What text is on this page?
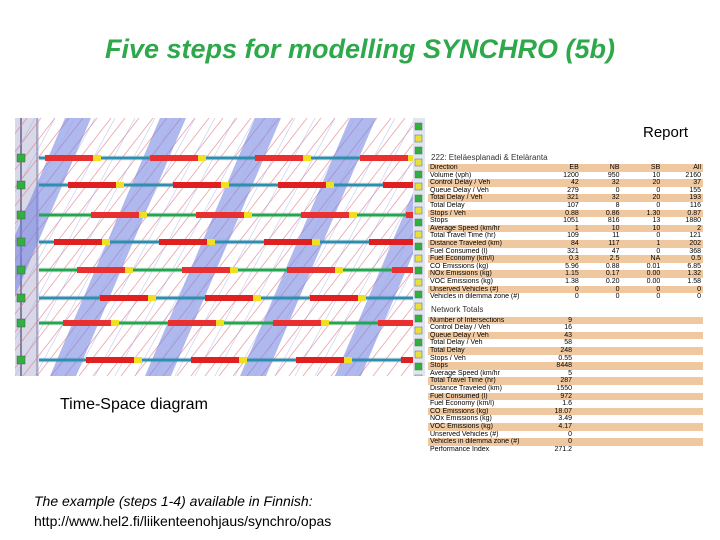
Five steps for modelling SYNCHRO (5b)
Time-Space diagram
Report
222: Eteläesplanadi & Eteläranta
Direction	EB	NB	SB	All
Volume (vph)	1200	950	10	2160
Control Delay / Veh	42	32	20	37
Queue Delay / Veh	279	0	0	155
Total Delay / Veh	321	32	20	193
Total Delay	107	8	0	116
Stops / Veh	0.88	0.86	1.30	0.87
Stops	1051	816	13	1880
Average Speed (km/hr	1	10	10	2
Total Travel Time (hr)	109	11	0	121
Distance Traveled (km)	84	117	1	202
Fuel Consumed (l)	321	47	0	368
Fuel Economy (km/l)	0.3	2.5	NA	0.5
CO Emissions (kg)	5.96	0.88	0.01	6.85
NOx Emissions (kg)	1.15	0.17	0.00	1.32
VOC Emissions (kg)	1.38	0.20	0.00	1.58
Unserved Vehicles (#)	0	0	0	0
Vehicles in dilemma zone (#)	0	0	0	0
Network Totals
Number of Intersections	9	
Control Delay / Veh	16	
Queue Delay / Veh	43	
Total Delay / Veh	58	
Total Delay	248	
Stops / Veh	0.55	
Stops	8448	
Average Speed (km/hr	5	
Total Travel Time (hr)	287	
Distance Traveled (km)	1550	
Fuel Consumed (l)	972	
Fuel Economy (km/l)	1.6	
CO Emissions (kg)	18.07	
NOx Emissions (kg)	3.49	
VOC Emissions (kg)	4.17	
Unserved Vehicles (#)	0	
Vehicles in dilemma zone (#)	0	
Performance Index	271.2	
The example (steps 1-4) available in Finnish:
http://www.hel2.fi/liikenteenohjaus/synchro/opas
